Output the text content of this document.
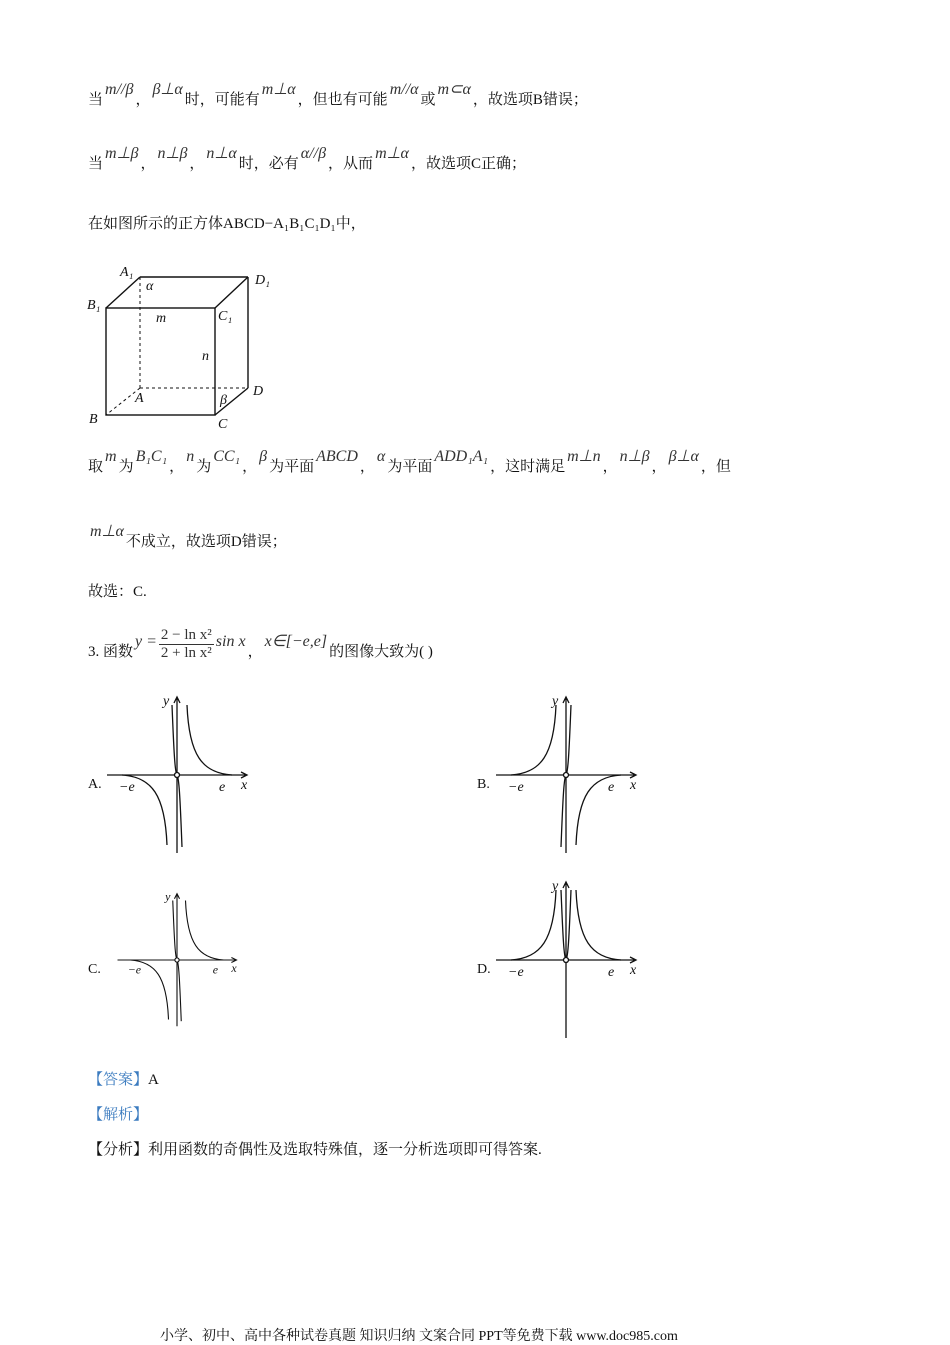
当m//β，β⊥α时，可能有m⊥α，但也有可能m//α或m⊂α，故选项B错误；
当m⊥β，n⊥β，n⊥α时，必有α//β，从而m⊥α，故选项C正确；
在如图所示的正方体ABCD−A₁B₁C₁D₁中，
A₁
B₁
C₁
D₁
A
B	C
D
α
β
m
n
取m为B₁C₁，n为CC₁，β为平面ABCD，α为平面ADD₁A₁，这时满足m⊥n，n⊥β，β⊥α，但
m⊥α不成立，故选项D错误；
故选：C.
3. 函数$y = \frac{\text{2 − ln x²}}{\text{2 + ln x²}}$ sin x，x∈[−e,e]的图像大致为( )
【答案】A
【解析】
【分析】利用函数的奇偶性及选取特殊值，逐一分析选项即可得答案.
小学、初中、高中各种试卷真题 知识归纳 文案合同 PPT等免费下载 www.doc985.com
A. −e	e x
y
B. −e	e x
y
C. −e	e x
y
D. −e	e x
y
